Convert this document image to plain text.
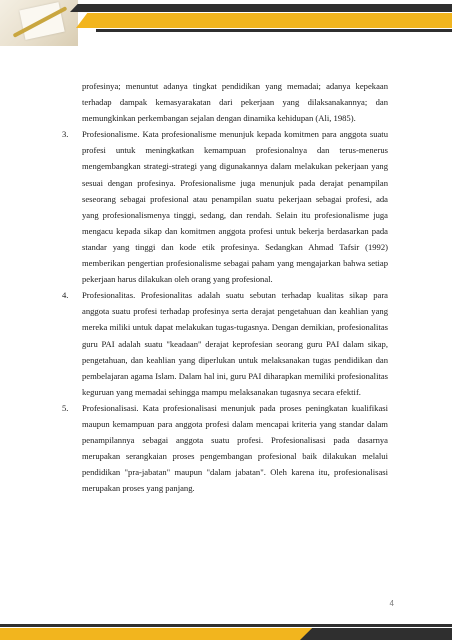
profesinya; menuntut adanya tingkat pendidikan yang memadai; adanya kepekaan terhadap dampak kemasyarakatan dari pekerjaan yang dilaksanakannya; dan memungkinkan perkembangan sejalan dengan dinamika kehidupan (Ali, 1985).

3.	Profesionalisme. Kata profesionalisme menunjuk kepada komitmen para anggota suatu profesi untuk meningkatkan kemampuan profesionalnya dan terus-menerus mengembangkan strategi-strategi yang digunakannya dalam melakukan pekerjaan yang sesuai dengan profesinya. Profesionalisme juga menunjuk pada derajat penampilan seseorang sebagai profesional atau penampilan suatu pekerjaan sebagai profesi, ada yang profesionalismenya tinggi, sedang, dan rendah. Selain itu profesionalisme juga mengacu kepada sikap dan komitmen anggota profesi untuk bekerja berdasarkan pada standar yang tinggi dan kode etik profesinya. Sedangkan Ahmad Tafsir (1992) memberikan pengertian profesionalisme sebagai paham yang mengajarkan bahwa setiap pekerjaan harus dilakukan oleh orang yang profesional.

4.	Profesionalitas. Profesionalitas adalah suatu sebutan terhadap kualitas sikap para anggota suatu profesi terhadap profesinya serta derajat pengetahuan dan keahlian yang mereka miliki untuk dapat melakukan tugas-tugasnya. Dengan demikian, profesionalitas guru PAI adalah suatu "keadaan" derajat keprofesian seorang guru PAI dalam sikap, pengetahuan, dan keahlian yang diperlukan untuk melaksanakan tugas pendidikan dan pembelajaran agama Islam. Dalam hal ini, guru PAI diharapkan memiliki profesionalitas keguruan yang memadai sehingga mampu melaksanakan tugasnya secara efektif.

5.	Profesionalisasi. Kata profesionalisasi menunjuk pada proses peningkatan kualifikasi maupun kemampuan para anggota profesi dalam mencapai kriteria yang standar dalam penampilannya sebagai anggota suatu profesi. Profesionalisasi pada dasarnya merupakan serangkaian proses pengembangan profesional baik dilakukan melalui pendidikan "pra-jabatan" maupun "dalam jabatan". Oleh karena itu, profesionalisasi merupakan proses yang panjang.

4
